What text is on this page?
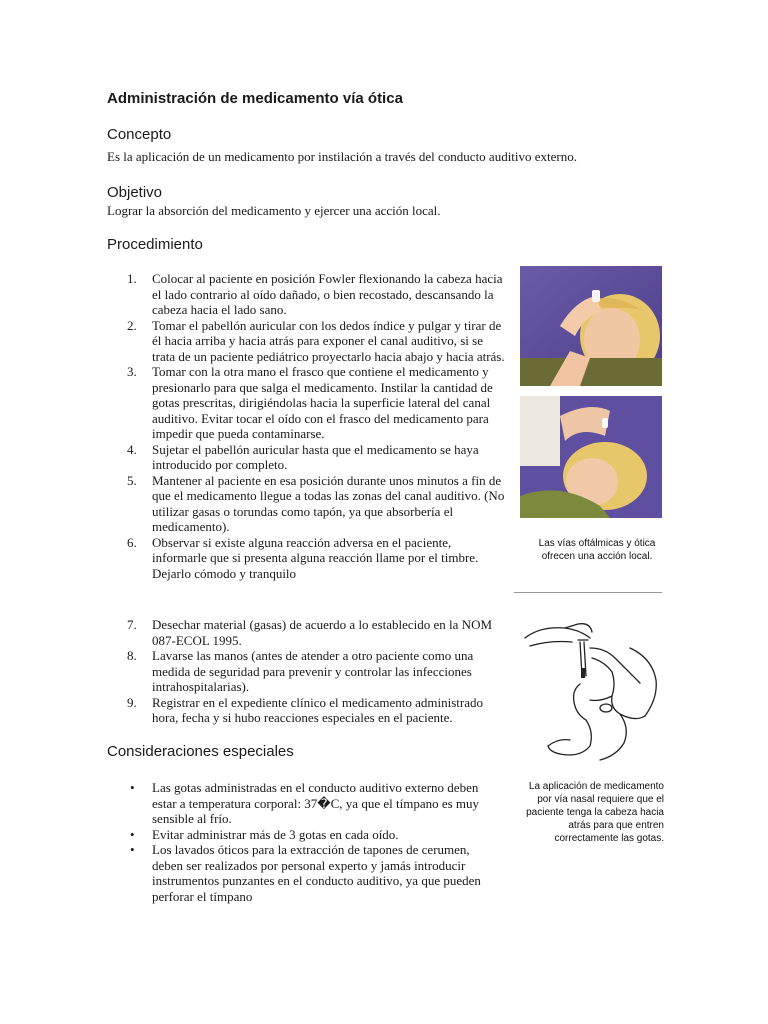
Administración de medicamento vía ótica
Concepto

Es la aplicación de un medicamento por instilación a través del conducto auditivo externo.

Objetivo

Lograr la absorción del medicamento y ejercer una acción local.

Procedimiento
1. Colocar al paciente en posición Fowler flexionando la cabeza hacia el lado contrario al oído dañado, o bien recostado, descansando la cabeza hacia el lado sano.
2. Tomar el pabellón auricular con los dedos índice y pulgar y tirar de él hacia arriba y hacia atrás para exponer el canal auditivo, si se trata de un paciente pediátrico proyectarlo hacia abajo y hacia atrás.
3. Tomar con la otra mano el frasco que contiene el medicamento y presionarlo para que salga el medicamento. Instilar la cantidad de gotas prescritas, dirigiéndolas hacia la superficie lateral del canal auditivo. Evitar tocar el oído con el frasco del medicamento para impedir que pueda contaminarse.
4. Sujetar el pabellón auricular hasta que el medicamento se haya introducido por completo.
5. Mantener al paciente en esa posición durante unos minutos a fin de que el medicamento llegue a todas las zonas del canal auditivo. (No utilizar gasas o torundas como tapón, ya que absorbería el medicamento).
6. Observar si existe alguna reacción adversa en el paciente, informarle que si presenta alguna reacción llame por el timbre. Dejarlo cómodo y tranquilo
7. Desechar material (gasas) de acuerdo a lo establecido en la NOM 087-ECOL 1995.
8. Lavarse las manos (antes de atender a otro paciente como una medida de seguridad para prevenir y controlar las infecciones intrahospitalarias).
9. Registrar en el expediente clínico el medicamento administrado hora, fecha y si hubo reacciones especiales en el paciente.
Consideraciones especiales
• Las gotas administradas en el conducto auditivo externo deben estar a temperatura corporal: 37�C, ya que el tímpano es muy sensible al frío.
• Evitar administrar más de 3 gotas en cada oído.
• Los lavados óticos para la extracción de tapones de cerumen, deben ser realizados por personal experto y jamás introducir instrumentos punzantes en el conducto auditivo, ya que pueden perforar el tímpano
Las vías oftálmicas y ótica ofrecen una acción local.
La aplicación de medicamento por vía nasal requiere que el paciente tenga la cabeza hacia atrás para que entren correctamente las gotas.
